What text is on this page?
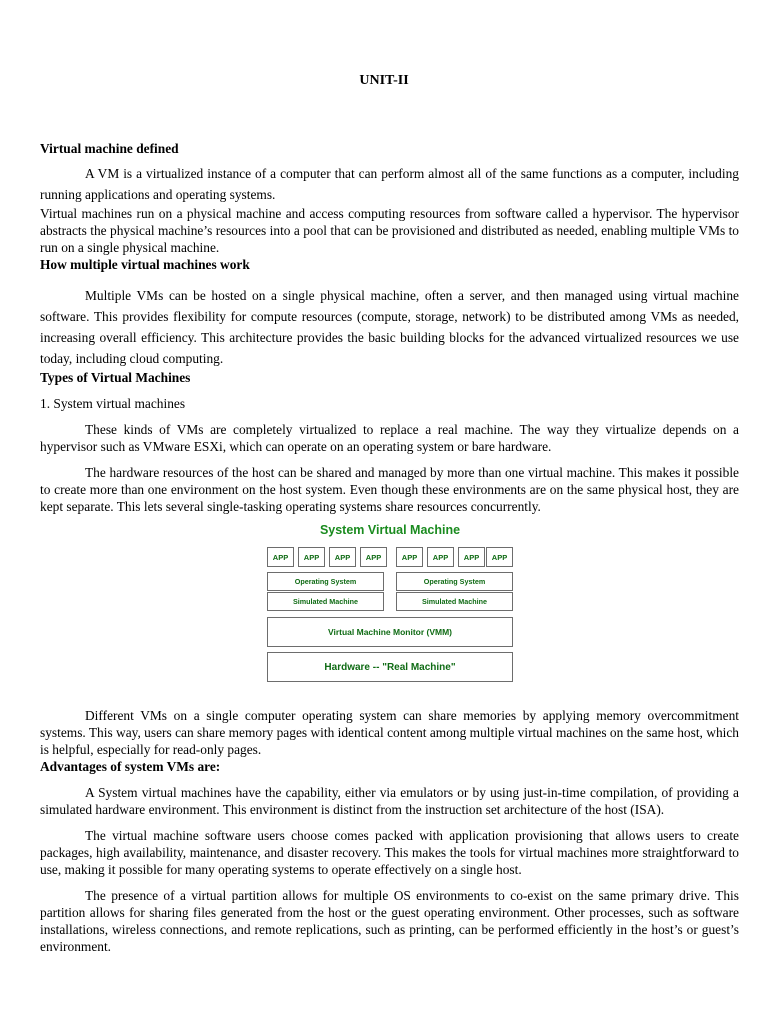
UNIT-II
Virtual machine defined

A VM is a virtualized instance of a computer that can perform almost all of the same functions as a computer, including running applications and operating systems.

Virtual machines run on a physical machine and access computing resources from software called a hypervisor. The hypervisor abstracts the physical machine’s resources into a pool that can be provisioned and distributed as needed, enabling multiple VMs to run on a single physical machine.

How multiple virtual machines work

Multiple VMs can be hosted on a single physical machine, often a server, and then managed using virtual machine software. This provides flexibility for compute resources (compute, storage, network) to be distributed among VMs as needed, increasing overall efficiency. This architecture provides the basic building blocks for the advanced virtualized resources we use today, including cloud computing.

Types of Virtual Machines

1. System virtual machines

These kinds of VMs are completely virtualized to replace a real machine. The way they virtualize depends on a hypervisor such as VMware ESXi, which can operate on an operating system or bare hardware.

The hardware resources of the host can be shared and managed by more than one virtual machine. This makes it possible to create more than one environment on the host system. Even though these environments are on the same physical host, they are kept separate. This lets several single-tasking operating systems share resources concurrently.

System Virtual Machine
APP	APP	APP	APP	APP	APP	APP	APP
Operating System	Operating System
Simulated Machine	Simulated Machine
Virtual Machine Monitor (VMM)
Hardware -- "Real Machine"

Different VMs on a single computer operating system can share memories by applying memory overcommitment systems. This way, users can share memory pages with identical content among multiple virtual machines on the same host, which is helpful, especially for read-only pages.

Advantages of system VMs are:

A System virtual machines have the capability, either via emulators or by using just-in-time compilation, of providing a simulated hardware environment. This environment is distinct from the instruction set architecture of the host (ISA).

The virtual machine software users choose comes packed with application provisioning that allows users to create packages, high availability, maintenance, and disaster recovery. This makes the tools for virtual machines more straightforward to use, making it possible for many operating systems to operate effectively on a single host.

The presence of a virtual partition allows for multiple OS environments to co-exist on the same primary drive. This partition allows for sharing files generated from the host or the guest operating environment. Other processes, such as software installations, wireless connections, and remote replications, such as printing, can be performed efficiently in the host’s or guest’s environment.
